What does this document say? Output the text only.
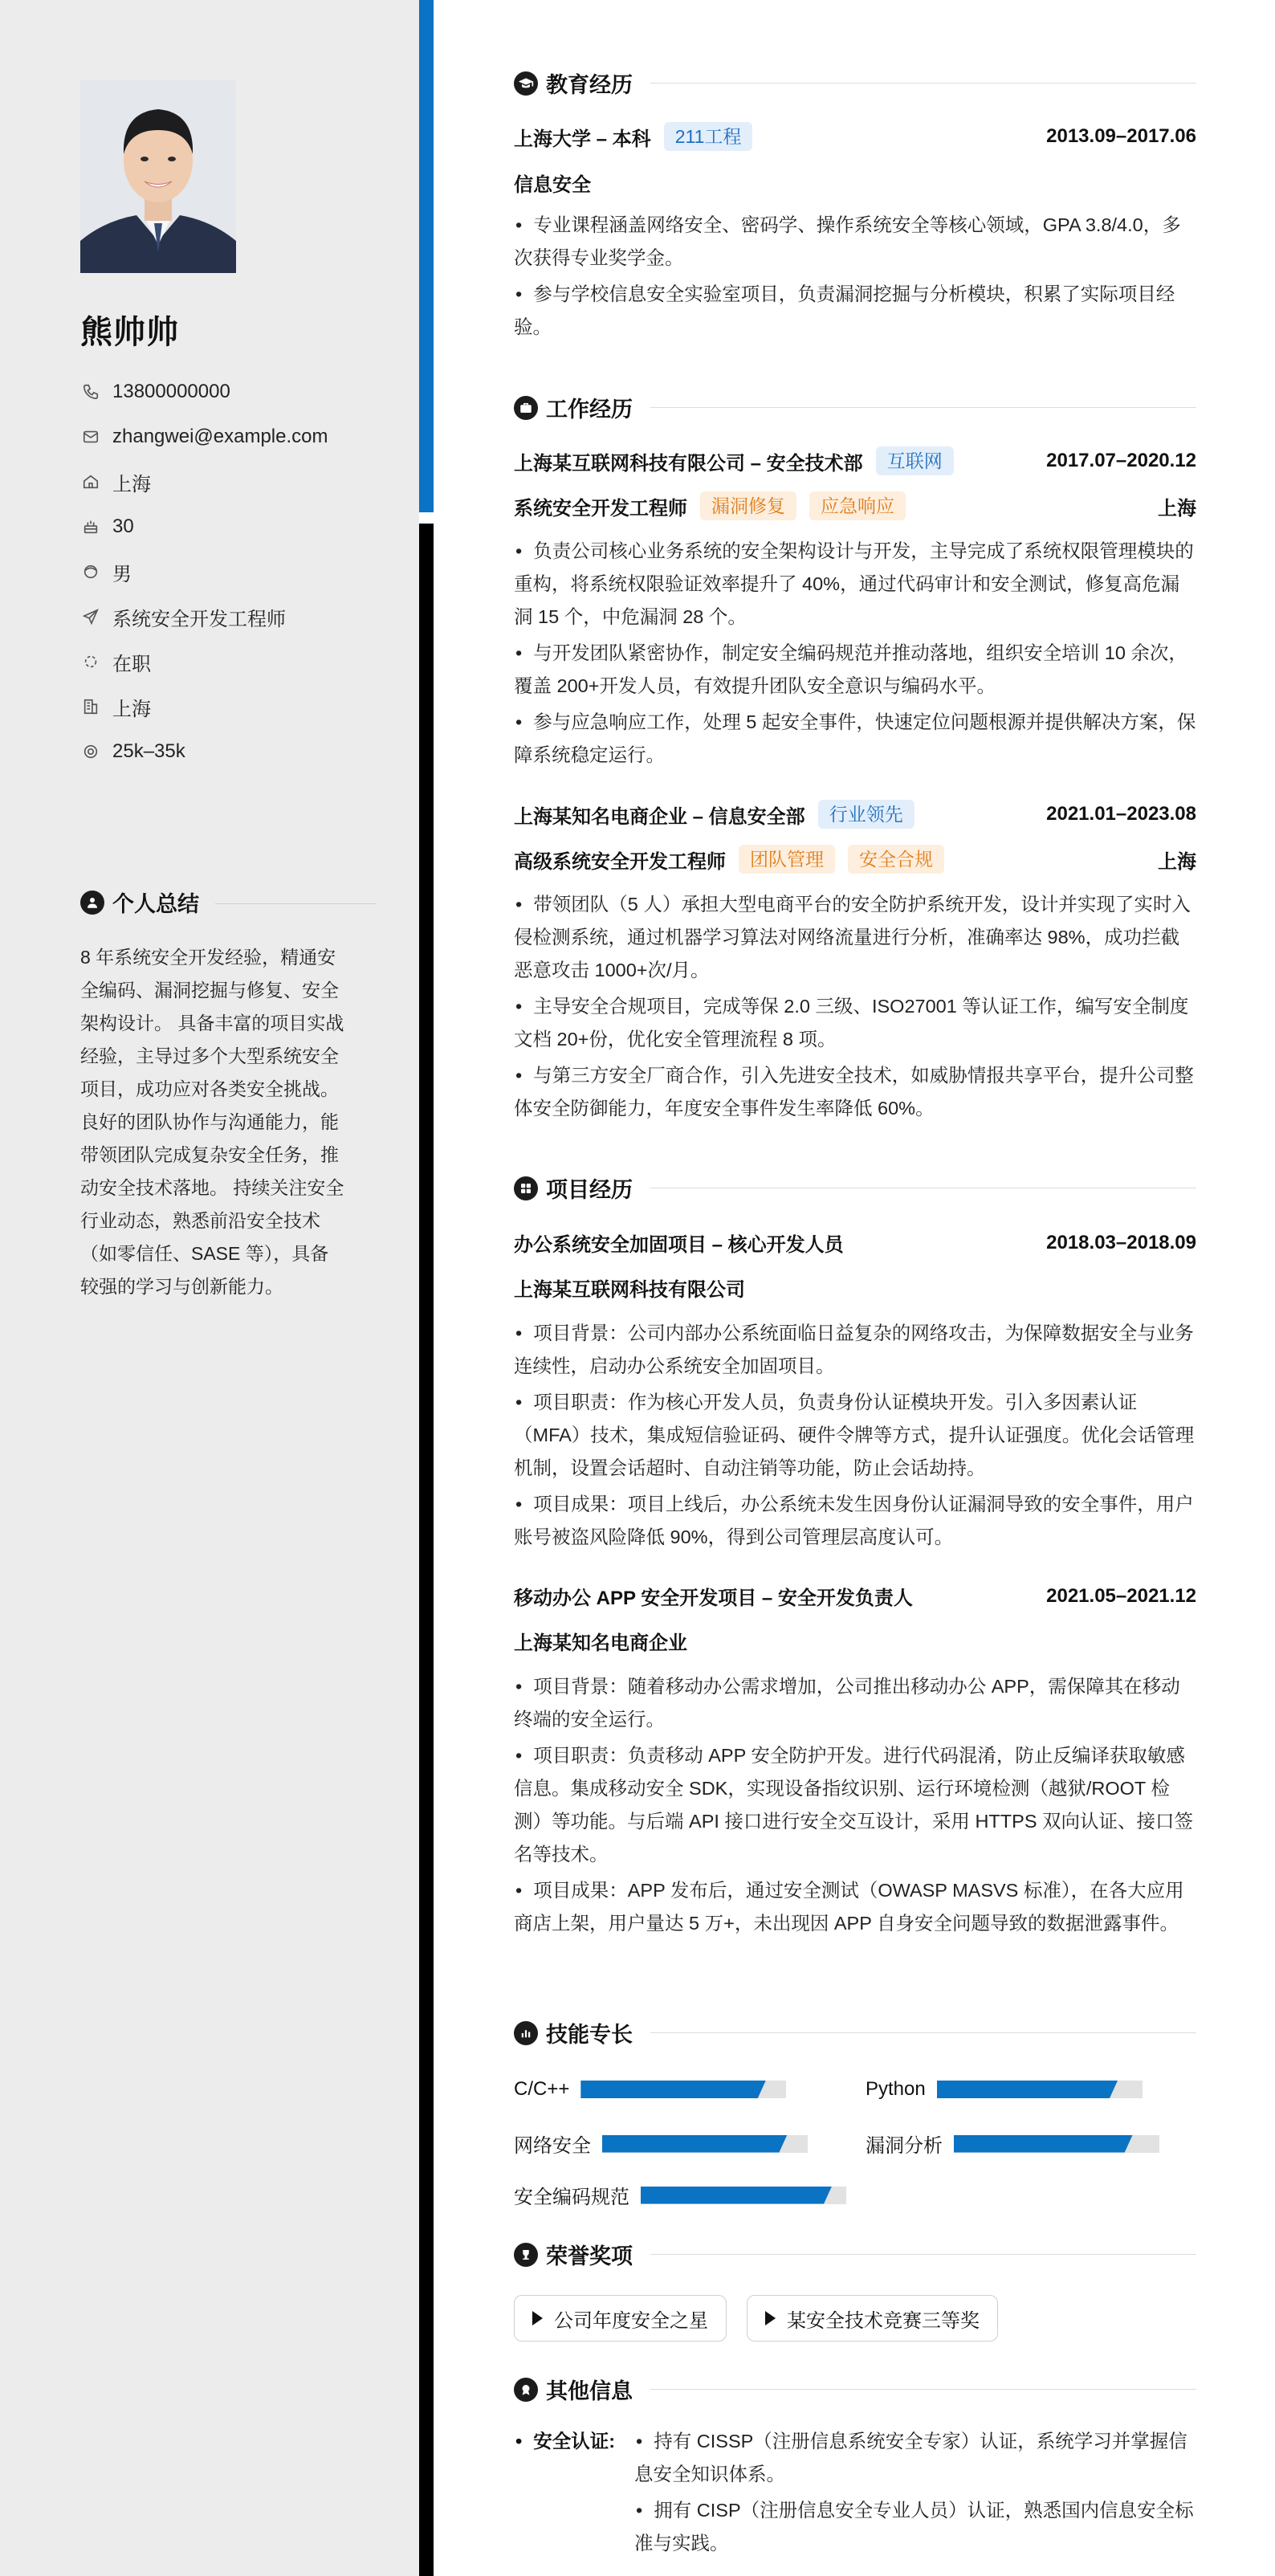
熊帅帅
13800000000
zhangwei@example.com
上海
30
男
系统安全开发工程师
在职
上海
25k–35k
个人总结
8 年系统安全开发经验，精通安全编码、漏洞挖掘与修复、安全架构设计。 具备丰富的项目实战经验，主导过多个大型系统安全项目，成功应对各类安全挑战。 良好的团队协作与沟通能力，能带领团队完成复杂安全任务，推动安全技术落地。 持续关注安全行业动态，熟悉前沿安全技术（如零信任、SASE 等），具备较强的学习与创新能力。
教育经历
上海大学 – 本科	211工程	2013.09–2017.06
信息安全
• 专业课程涵盖网络安全、密码学、操作系统安全等核心领域，GPA 3.8/4.0，多次获得专业奖学金。
• 参与学校信息安全实验室项目，负责漏洞挖掘与分析模块，积累了实际项目经验。
工作经历
上海某互联网科技有限公司 – 安全技术部	互联网	2017.07–2020.12
系统安全开发工程师	漏洞修复	应急响应	上海
• 负责公司核心业务系统的安全架构设计与开发，主导完成了系统权限管理模块的重构，将系统权限验证效率提升了 40%，通过代码审计和安全测试，修复高危漏洞 15 个，中危漏洞 28 个。
• 与开发团队紧密协作，制定安全编码规范并推动落地，组织安全培训 10 余次，覆盖 200+开发人员，有效提升团队安全意识与编码水平。
• 参与应急响应工作，处理 5 起安全事件，快速定位问题根源并提供解决方案，保障系统稳定运行。
上海某知名电商企业 – 信息安全部	行业领先	2021.01–2023.08
高级系统安全开发工程师	团队管理	安全合规	上海
• 带领团队（5 人）承担大型电商平台的安全防护系统开发，设计并实现了实时入侵检测系统，通过机器学习算法对网络流量进行分析，准确率达 98%，成功拦截恶意攻击 1000+次/月。
• 主导安全合规项目，完成等保 2.0 三级、ISO27001 等认证工作，编写安全制度文档 20+份，优化安全管理流程 8 项。
• 与第三方安全厂商合作，引入先进安全技术，如威胁情报共享平台，提升公司整体安全防御能力，年度安全事件发生率降低 60%。
项目经历
办公系统安全加固项目 – 核心开发人员	2018.03–2018.09
上海某互联网科技有限公司
• 项目背景：公司内部办公系统面临日益复杂的网络攻击，为保障数据安全与业务连续性，启动办公系统安全加固项目。
• 项目职责：作为核心开发人员，负责身份认证模块开发。引入多因素认证（MFA）技术，集成短信验证码、硬件令牌等方式，提升认证强度。优化会话管理机制，设置会话超时、自动注销等功能，防止会话劫持。
• 项目成果：项目上线后，办公系统未发生因身份认证漏洞导致的安全事件，用户账号被盗风险降低 90%，得到公司管理层高度认可。
移动办公 APP 安全开发项目 – 安全开发负责人	2021.05–2021.12
上海某知名电商企业
• 项目背景：随着移动办公需求增加，公司推出移动办公 APP，需保障其在移动终端的安全运行。
• 项目职责：负责移动 APP 安全防护开发。进行代码混淆，防止反编译获取敏感信息。集成移动安全 SDK，实现设备指纹识别、运行环境检测（越狱/ROOT 检测）等功能。与后端 API 接口进行安全交互设计，采用 HTTPS 双向认证、接口签名等技术。
• 项目成果：APP 发布后，通过安全测试（OWASP MASVS 标准），在各大应用商店上架，用户量达 5 万+，未出现因 APP 自身安全问题导致的数据泄露事件。
技能专长
C/C++	Python
网络安全	漏洞分析
安全编码规范
荣誉奖项
公司年度安全之星	某安全技术竞赛三等奖
其他信息
• 安全认证:
•	持有 CISSP（注册信息系统安全专家）认证，系统学习并掌握信息安全知识体系。
• 拥有 CISP（注册信息安全专业人员）认证，熟悉国内信息安全标准与实践。
